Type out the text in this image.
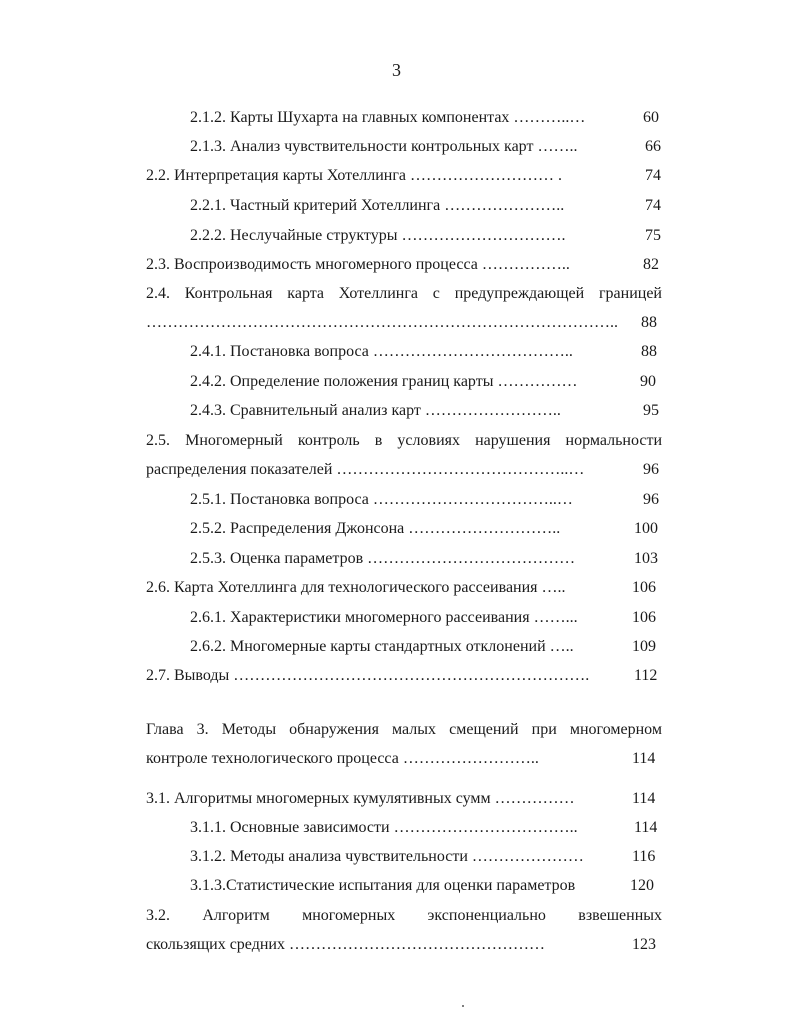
3
2.1.2. Карты Шухарта на главных компонентах ………..…	60
2.1.3. Анализ чувствительности контрольных карт ……..	66
2.2. Интерпретация карты Хотеллинга ……………………… .	74
2.2.1. Частный критерий Хотеллинга …………………..	74
2.2.2. Неслучайные структуры ………………………….	75
2.3. Воспроизводимость многомерного процесса ……………..	82
2.4. Контрольная карта Хотеллинга с предупреждающей границей
……………………………………………………………………………..	88
2.4.1. Постановка вопроса ………………………………..	88
2.4.2. Определение положения границ карты ……………	90
2.4.3. Сравнительный анализ карт ……………………..	95
2.5. Многомерный контроль в условиях нарушения нормальности
распределения показателей ……………………………………..…	96
2.5.1. Постановка вопроса ……………………………..…	96
2.5.2. Распределения Джонсона ………………………..	100
2.5.3. Оценка параметров …………………………………	103
2.6. Карта Хотеллинга для технологического рассеивания …..	106
2.6.1. Характеристики многомерного рассеивания ……...	106
2.6.2. Многомерные карты стандартных отклонений …..	109
2.7. Выводы ………………………………………………………….	112
Глава 3. Методы обнаружения малых смещений при многомерном
контроле технологического процесса ……………………..	114
3.1. Алгоритмы многомерных кумулятивных сумм ……………	114
3.1.1. Основные зависимости ……………………………..	114
3.1.2. Методы анализа чувствительности …………………	116
3.1.3.Статистические испытания для оценки параметров	120
3.2. Алгоритм многомерных экспоненциально взвешенных
скользящих средних …………………………………………	123
